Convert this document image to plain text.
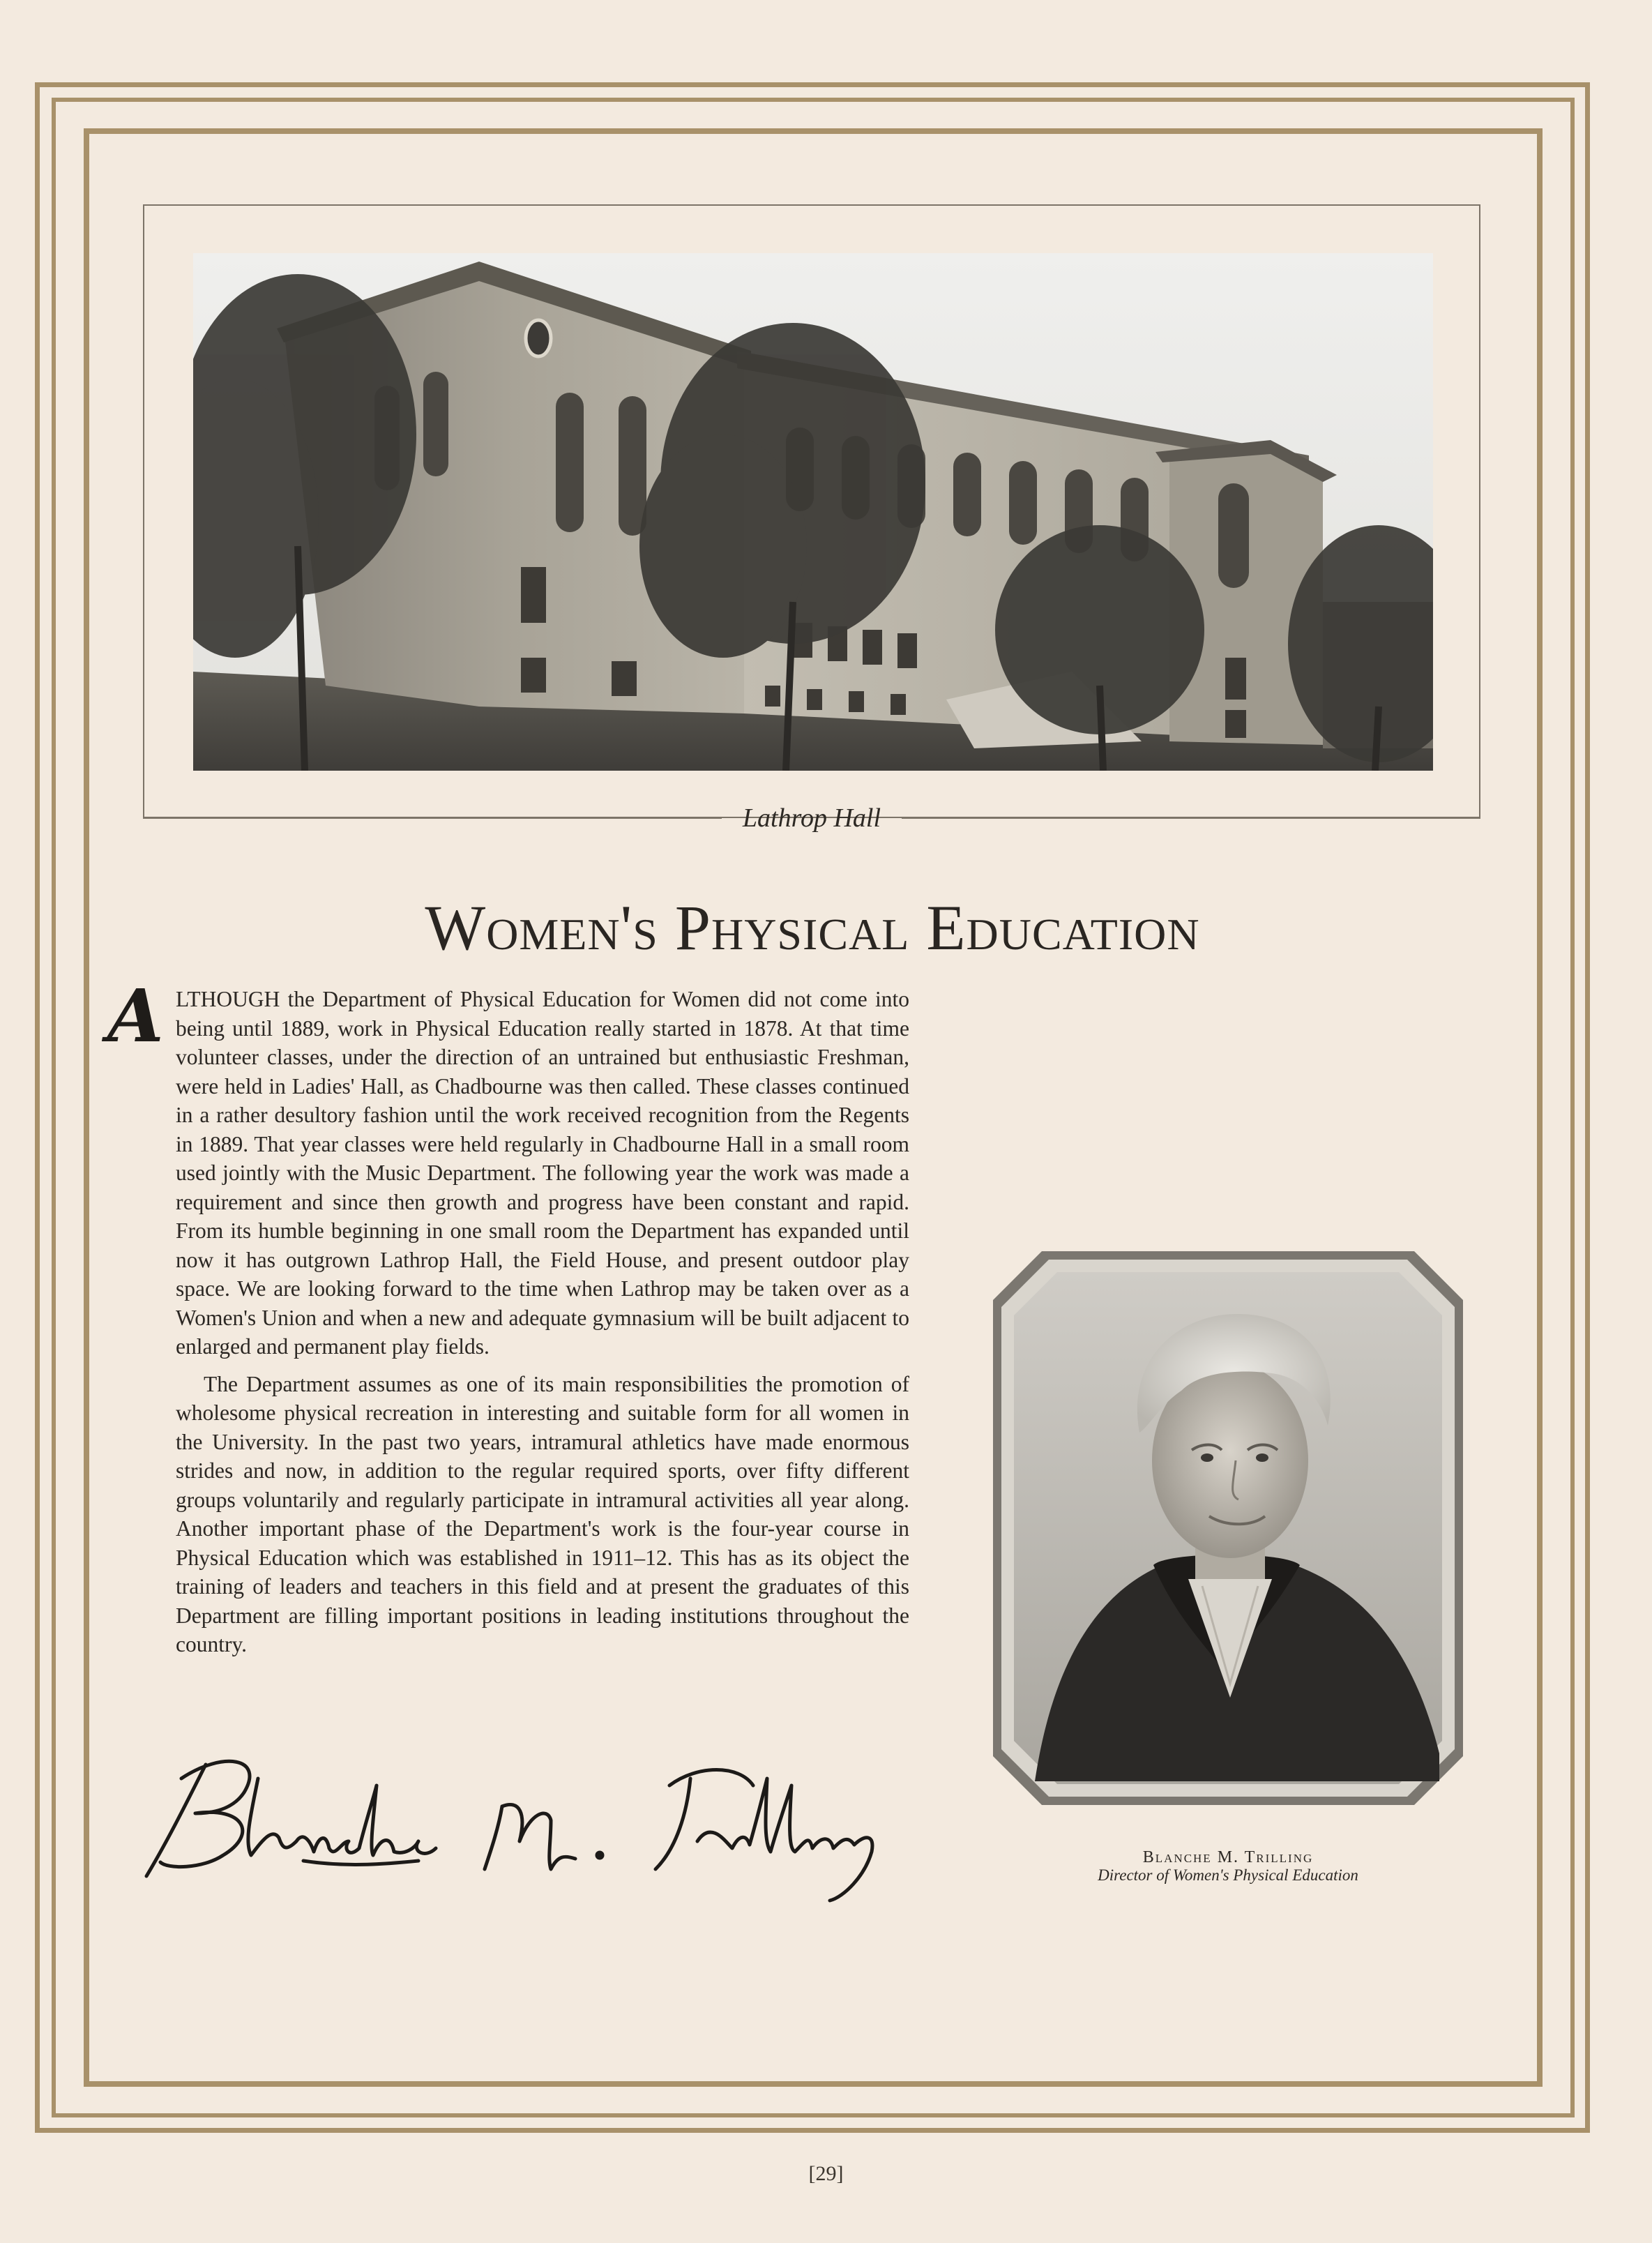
Lathrop Hall
Women's Physical Education

ALTHOUGH the Department of Physical Education for Women did not come into being until 1889, work in Physical Education really started in 1878. At that time volunteer classes, under the direction of an untrained but enthusiastic Freshman, were held in Ladies' Hall, as Chadbourne was then called. These classes continued in a rather desultory fashion until the work received recognition from the Regents in 1889. That year classes were held regularly in Chadbourne Hall in a small room used jointly with the Music Department. The following year the work was made a requirement and since then growth and progress have been constant and rapid. From its humble beginning in one small room the Department has expanded until now it has outgrown Lathrop Hall, the Field House, and present outdoor play space. We are looking forward to the time when Lathrop may be taken over as a Women's Union and when a new and adequate gymnasium will be built adjacent to enlarged and permanent play fields.

The Department assumes as one of its main responsibilities the promotion of wholesome physical recreation in interesting and suitable form for all women in the University. In the past two years, intramural athletics have made enormous strides and now, in addition to the regular required sports, over fifty different groups voluntarily and regularly participate in intramural activities all year along. Another important phase of the Department's work is the four-year course in Physical Education which was established in 1911–12. This has as its object the training of leaders and teachers in this field and at present the graduates of this Department are filling important positions in leading institutions throughout the country.

Blanche M. Trilling
Director of Women's Physical Education
[29]
